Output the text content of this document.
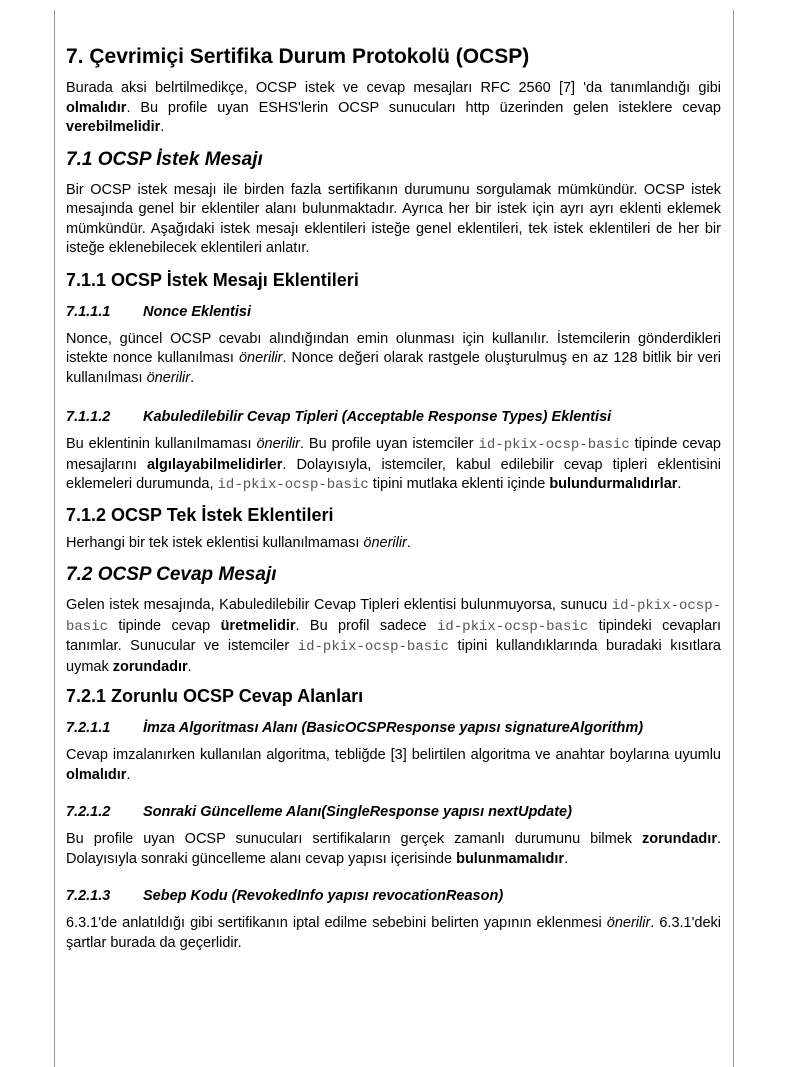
7. Çevrimiçi Sertifika Durum Protokolü (OCSP)

Burada aksi belrtilmedikçe, OCSP istek ve cevap mesajları RFC 2560 [7] 'da tanımlandığı gibi olmalıdır. Bu profile uyan ESHS'lerin OCSP sunucuları http üzerinden gelen isteklere cevap verebilmelidir.

7.1 OCSP İstek Mesajı

Bir OCSP istek mesajı ile birden fazla sertifikanın durumunu sorgulamak mümkündür. OCSP istek mesajında genel bir eklentiler alanı bulunmaktadır. Ayrıca her bir istek için ayrı ayrı eklenti eklemek mümkündür. Aşağıdaki istek mesajı eklentileri isteğe genel eklentileri, tek istek eklentileri de her bir isteğe eklenebilecek eklentileri anlatır.

7.1.1 OCSP İstek Mesajı Eklentileri
7.1.1.1 Nonce Eklentisi

Nonce, güncel OCSP cevabı alındığından emin olunması için kullanılır. İstemcilerin gönderdikleri istekte nonce kullanılması önerilir. Nonce değeri olarak rastgele oluşturulmuş en az 128 bitlik bir veri kullanılması önerilir.

7.1.1.2 Kabuledilebilir Cevap Tipleri (Acceptable Response Types) Eklentisi

Bu eklentinin kullanılmaması önerilir. Bu profile uyan istemciler id-pkix-ocsp-basic tipinde cevap mesajlarını algılayabilmelidirler. Dolayısıyla, istemciler, kabul edilebilir cevap tipleri eklentisini eklemeleri durumunda, id-pkix-ocsp-basic tipini mutlaka eklenti içinde bulundurmalıdırlar.

7.1.2 OCSP Tek İstek Eklentileri

Herhangi bir tek istek eklentisi kullanılmaması önerilir.

7.2 OCSP Cevap Mesajı

Gelen istek mesajında, Kabuledilebilir Cevap Tipleri eklentisi bulunmuyorsa, sunucu id-pkix-ocsp-basic tipinde cevap üretmelidir. Bu profil sadece id-pkix-ocsp-basic tipindeki cevapları tanımlar. Sunucular ve istemciler id-pkix-ocsp-basic tipini kullandıklarında buradaki kısıtlara uymak zorundadır.

7.2.1 Zorunlu OCSP Cevap Alanları
7.2.1.1 İmza Algoritması Alanı (BasicOCSPResponse yapısı signatureAlgorithm)

Cevap imzalanırken kullanılan algoritma, tebliğde [3] belirtilen algoritma ve anahtar boylarına uyumlu olmalıdır.

7.2.1.2 Sonraki Güncelleme Alanı(SingleResponse yapısı nextUpdate)

Bu profile uyan OCSP sunucuları sertifikaların gerçek zamanlı durumunu bilmek zorundadır. Dolayısıyla sonraki güncelleme alanı cevap yapısı içerisinde bulunmamalıdır.

7.2.1.3 Sebep Kodu (RevokedInfo yapısı revocationReason)

6.3.1'de anlatıldığı gibi sertifikanın iptal edilme sebebini belirten yapının eklenmesi önerilir. 6.3.1'deki şartlar burada da geçerlidir.
